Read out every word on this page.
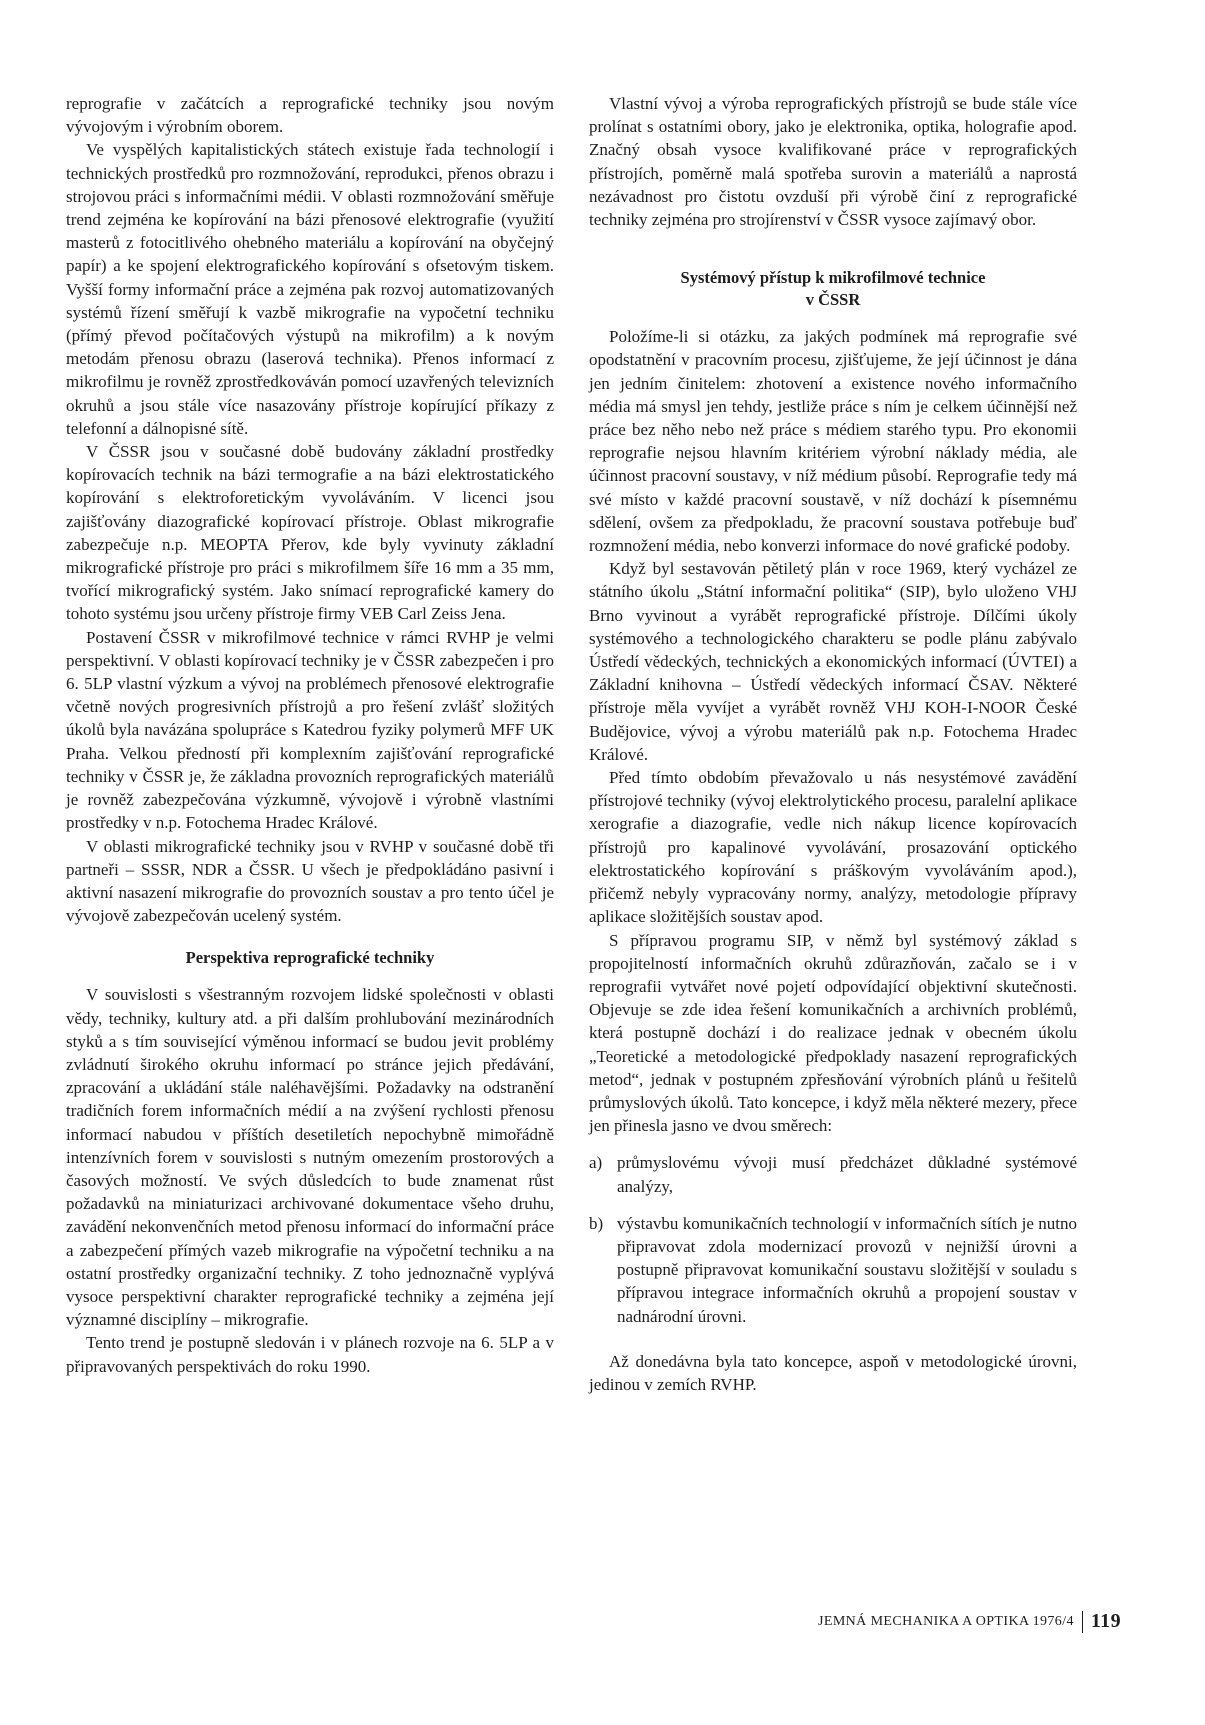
reprografie v začátcích a reprografické techniky jsou novým vývojovým i výrobním oborem.

Ve vyspělých kapitalistických státech existuje řada technologií i technických prostředků pro rozmnožování, reprodukci, přenos obrazu i strojovou práci s informačními médii. V oblasti rozmnožování směřuje trend zejména ke kopírování na bázi přenosové elektrografie (využití masterů z fotocitlivého ohebného materiálu a kopírování na obyčejný papír) a ke spojení elektrografického kopírování s ofsetovým tiskem. Vyšší formy informační práce a zejména pak rozvoj automatizovaných systémů řízení směřují k vazbě mikrografie na vypočetní techniku (přímý převod počítačových výstupů na mikrofilm) a k novým metodám přenosu obrazu (laserová technika). Přenos informací z mikrofilmu je rovněž zprostředkováván pomocí uzavřených televizních okruhů a jsou stále více nasazovány přístroje kopírující příkazy z telefonní a dálnopisné sítě.

V ČSSR jsou v současné době budovány základní prostředky kopírovacích technik na bázi termografie a na bázi elektrostatického kopírování s elektroforetickým vyvoláváním. V licenci jsou zajišťovány diazografické kopírovací přístroje. Oblast mikrografie zabezpečuje n.p. MEOPTA Přerov, kde byly vyvinuty základní mikrografické přístroje pro práci s mikrofilmem šíře 16 mm a 35 mm, tvořící mikrografický systém. Jako snímací reprografické kamery do tohoto systému jsou určeny přístroje firmy VEB Carl Zeiss Jena.

Postavení ČSSR v mikrofilmové technice v rámci RVHP je velmi perspektivní. V oblasti kopírovací techniky je v ČSSR zabezpečen i pro 6. 5LP vlastní výzkum a vývoj na problémech přenosové elektrografie včetně nových progresivních přístrojů a pro řešení zvlášť složitých úkolů byla navázána spolupráce s Katedrou fyziky polymerů MFF UK Praha. Velkou předností při komplexním zajišťování reprografické techniky v ČSSR je, že základna provozních reprografických materiálů je rovněž zabezpečována výzkumně, vývojově i výrobně vlastními prostředky v n.p. Fotochema Hradec Králové.

V oblasti mikrografické techniky jsou v RVHP v současné době tři partneři – SSSR, NDR a ČSSR. U všech je předpokládáno pasivní i aktivní nasazení mikrografie do provozních soustav a pro tento účel je vývojově zabezpečován ucelený systém.

Perspektiva reprografické techniky

V souvislosti s všestranným rozvojem lidské společnosti v oblasti vědy, techniky, kultury atd. a při dalším prohlubování mezinárodních styků a s tím související výměnou informací se budou jevit problémy zvládnutí širokého okruhu informací po stránce jejich předávání, zpracování a ukládání stále naléhavějšími. Požadavky na odstranění tradičních forem informačních médií a na zvýšení rychlosti přenosu informací nabudou v příštích desetiletích nepochybně mimořádně intenzívních forem v souvislosti s nutným omezením prostorových a časových možností. Ve svých důsledcích to bude znamenat růst požadavků na miniaturizaci archivované dokumentace všeho druhu, zavádění nekonvenčních metod přenosu informací do informační práce a zabezpečení přímých vazeb mikrografie na výpočetní techniku a na ostatní prostředky organizační techniky. Z toho jednoznačně vyplývá vysoce perspektivní charakter reprografické techniky a zejména její významné disciplíny – mikrografie.

Tento trend je postupně sledován i v plánech rozvoje na 6. 5LP a v připravovaných perspektivách do roku 1990.

Vlastní vývoj a výroba reprografických přístrojů se bude stále více prolínat s ostatními obory, jako je elektronika, optika, holografie apod. Značný obsah vysoce kvalifikované práce v reprografických přístrojích, poměrně malá spotřeba surovin a materiálů a naprostá nezávadnost pro čistotu ovzduší při výrobě činí z reprografické techniky zejména pro strojírenství v ČSSR vysoce zajímavý obor.

Systémový přístup k mikrofilmové technice
v ČSSR

Položíme-li si otázku, za jakých podmínek má reprografie své opodstatnění v pracovním procesu, zjišťujeme, že její účinnost je dána jen jedním činitelem: zhotovení a existence nového informačního média má smysl jen tehdy, jestliže práce s ním je celkem účinnější než práce bez něho nebo než práce s médiem starého typu. Pro ekonomii reprografie nejsou hlavním kritériem výrobní náklady média, ale účinnost pracovní soustavy, v níž médium působí. Reprografie tedy má své místo v každé pracovní soustavě, v níž dochází k písemnému sdělení, ovšem za předpokladu, že pracovní soustava potřebuje buď rozmnožení média, nebo konverzi informace do nové grafické podoby.

Když byl sestavován pětiletý plán v roce 1969, který vycházel ze státního úkolu „Státní informační politika“ (SIP), bylo uloženo VHJ Brno vyvinout a vyrábět reprografické přístroje. Dílčími úkoly systémového a technologického charakteru se podle plánu zabývalo Ústředí vědeckých, technických a ekonomických informací (ÚVTEI) a Základní knihovna – Ústředí vědeckých informací ČSAV. Některé přístroje měla vyvíjet a vyrábět rovněž VHJ KOH-I-NOOR České Budějovice, vývoj a výrobu materiálů pak n.p. Fotochema Hradec Králové.

Před tímto obdobím převažovalo u nás nesystémové zavádění přístrojové techniky (vývoj elektrolytického procesu, paralelní aplikace xerografie a diazografie, vedle nich nákup licence kopírovacích přístrojů pro kapalinové vyvolávání, prosazování optického elektrostatického kopírování s práškovým vyvoláváním apod.), přičemž nebyly vypracovány normy, analýzy, metodologie přípravy aplikace složitějších soustav apod.

S přípravou programu SIP, v němž byl systémový základ s propojitelností informačních okruhů zdůrazňován, začalo se i v reprografii vytvářet nové pojetí odpovídající objektivní skutečnosti. Objevuje se zde idea řešení komunikačních a archivních problémů, která postupně dochází i do realizace jednak v obecném úkolu „Teoretické a metodologické předpoklady nasazení reprografických metod“, jednak v postupném zpřesňování výrobních plánů u řešitelů průmyslových úkolů. Tato koncepce, i když měla některé mezery, přece jen přinesla jasno ve dvou směrech:

a) průmyslovému vývoji musí předcházet důkladné systémové analýzy,
b) výstavbu komunikačních technologií v informačních sítích je nutno připravovat zdola modernizací provozů v nejnižší úrovni a postupně připravovat komunikační soustavu složitější v souladu s přípravou integrace informačních okruhů a propojení soustav v nadnárodní úrovni.

Až donedávna byla tato koncepce, aspoň v metodologické úrovni, jedinou v zemích RVHP.

JEMNÁ MECHANIKA A OPTIKA 1976/4 119
